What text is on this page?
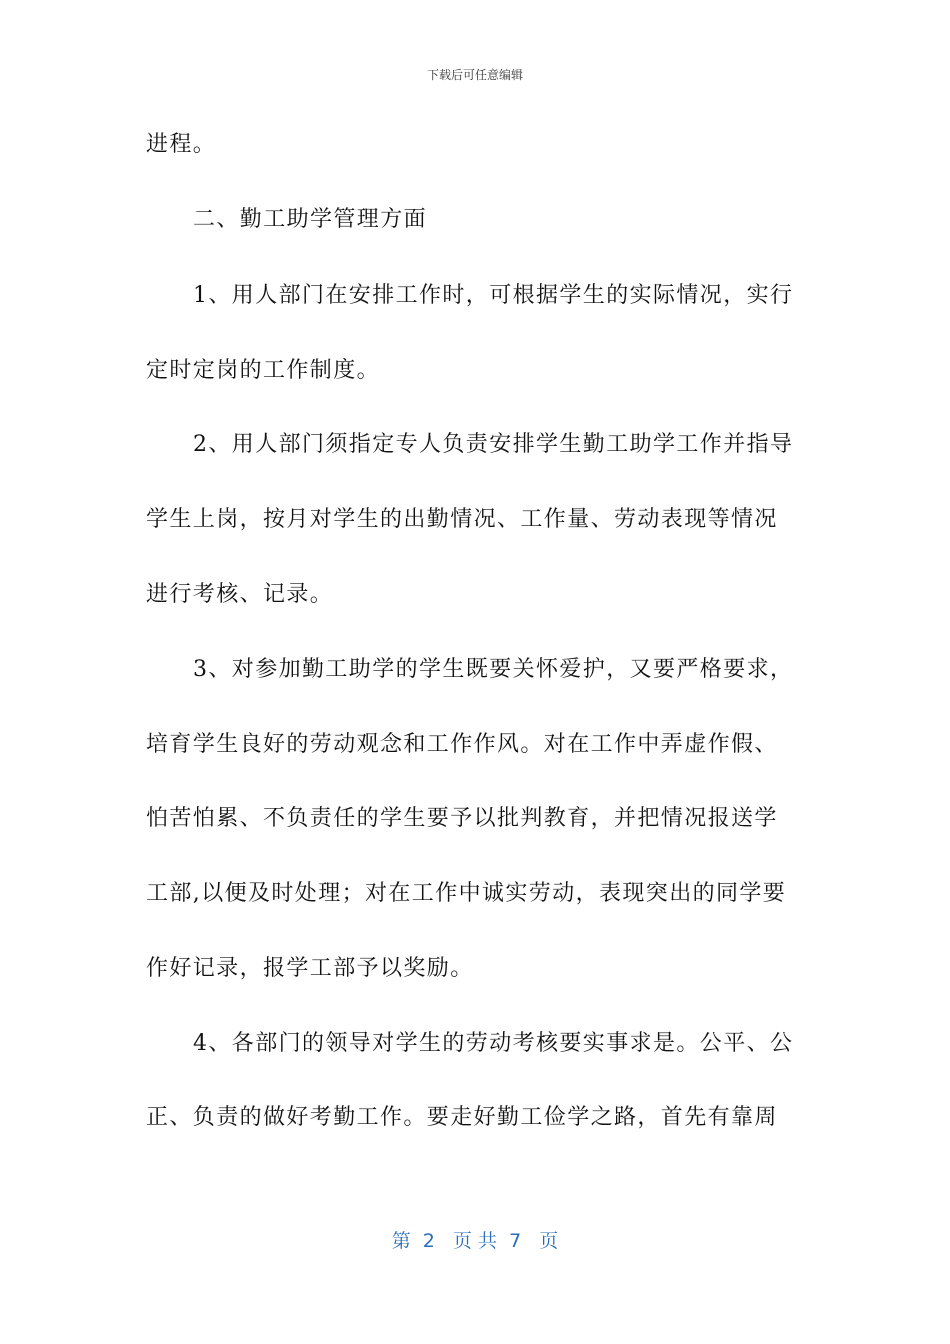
下载后可任意编辑
进程。
二、勤工助学管理方面
1、用人部门在安排工作时，可根据学生的实际情况，实行
定时定岗的工作制度。
2、用人部门须指定专人负责安排学生勤工助学工作并指导
学生上岗，按月对学生的出勤情况、工作量、劳动表现等情况
进行考核、记录。
3、对参加勤工助学的学生既要关怀爱护，又要严格要求，
培育学生良好的劳动观念和工作作风。对在工作中弄虚作假、
怕苦怕累、不负责任的学生要予以批判教育，并把情况报送学
工部,以便及时处理；对在工作中诚实劳动，表现突出的同学要
作好记录，报学工部予以奖励。
4、各部门的领导对学生的劳动考核要实事求是。公平、公
正、负责的做好考勤工作。要走好勤工俭学之路，首先有靠周
第  2   页 共  7   页
